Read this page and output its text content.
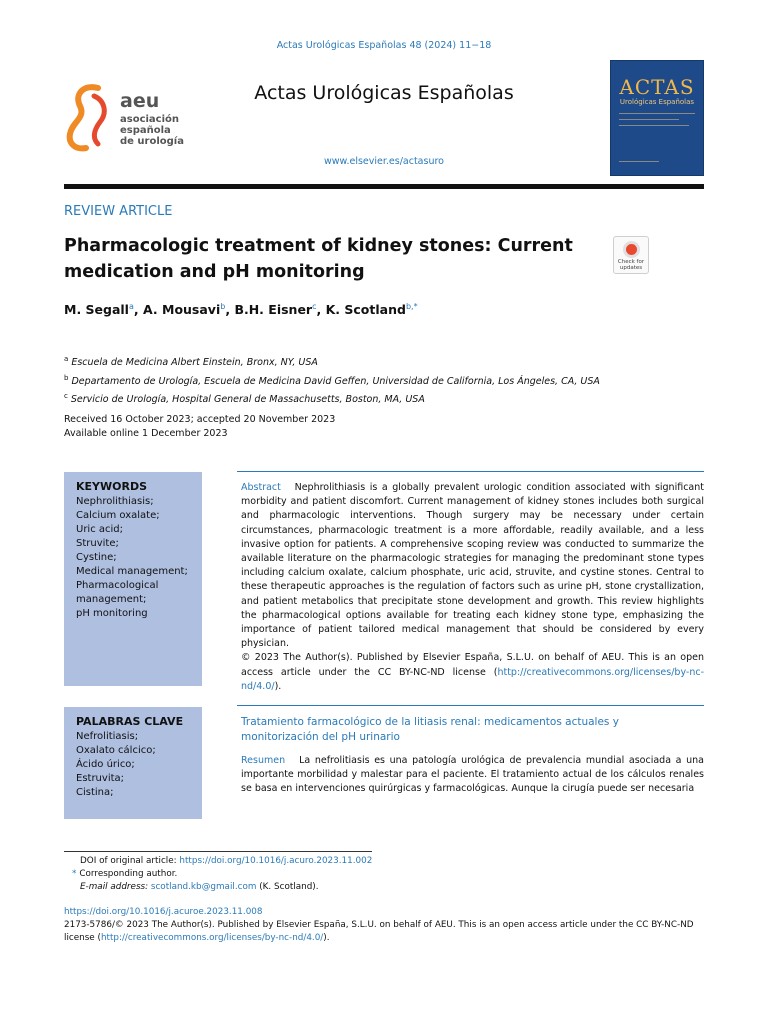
Actas Urológicas Españolas 48 (2024) 11−18
aeu
asociación
española
de urología
Actas Urológicas Españolas
www.elsevier.es/actasuro
ACTAS
Urológicas Españolas
REVIEW ARTICLE
Pharmacologic treatment of kidney stones: Current medication and pH monitoring	Check for updates
M. Segall$^a$, A. Mousavi$^b$, B.H. Eisner$^c$, K. Scotland$^{b,*}$
$^a$ Escuela de Medicina Albert Einstein, Bronx, NY, USA
$^b$ Departamento de Urología, Escuela de Medicina David Geffen, Universidad de California, Los Ángeles, CA, USA
$^c$ Servicio de Urología, Hospital General de Massachusetts, Boston, MA, USA
Received 16 October 2023; accepted 20 November 2023
Available online 1 December 2023
KEYWORDS
Nephrolithiasis;
Calcium oxalate;
Uric acid;
Struvite;
Cystine;
Medical management;
Pharmacological
management;
pH monitoring
PALABRAS CLAVE
Nefrolitiasis;
Oxalato cálcico;
Ácido úrico;
Estruvita;
Cistina;
Abstract Nephrolithiasis is a globally prevalent urologic condition associated with significant morbidity and patient discomfort. Current management of kidney stones includes both surgical and pharmacologic interventions. Though surgery may be necessary under certain circumstances, pharmacologic treatment is a more affordable, readily available, and a less invasive option for patients. A comprehensive scoping review was conducted to summarize the available literature on the pharmacologic strategies for managing the predominant stone types including calcium oxalate, calcium phosphate, uric acid, struvite, and cystine stones. Central to these therapeutic approaches is the regulation of factors such as urine pH, stone crystallization, and patient metabolics that precipitate stone development and growth. This review highlights the pharmacological options available for treating each kidney stone type, emphasizing the importance of patient tailored medical management that should be considered by every physician.
© 2023 The Author(s). Published by Elsevier España, S.L.U. on behalf of AEU. This is an open access article under the CC BY-NC-ND license (http://creativecommons.org/licenses/by-nc-nd/4.0/).
Tratamiento farmacológico de la litiasis renal: medicamentos actuales y monitorización del pH urinario
Resumen La nefrolitiasis es una patología urológica de prevalencia mundial asociada a una importante morbilidad y malestar para el paciente. El tratamiento actual de los cálculos renales se basa en intervenciones quirúrgicas y farmacológicas. Aunque la cirugía puede ser necesaria
DOI of original article: https://doi.org/10.1016/j.acuro.2023.11.002
* Corresponding author.
E-mail address: scotland.kb@gmail.com (K. Scotland).
https://doi.org/10.1016/j.acuroe.2023.11.008
2173-5786/© 2023 The Author(s). Published by Elsevier España, S.L.U. on behalf of AEU. This is an open access article under the CC BY-NC-ND license (http://creativecommons.org/licenses/by-nc-nd/4.0/).
